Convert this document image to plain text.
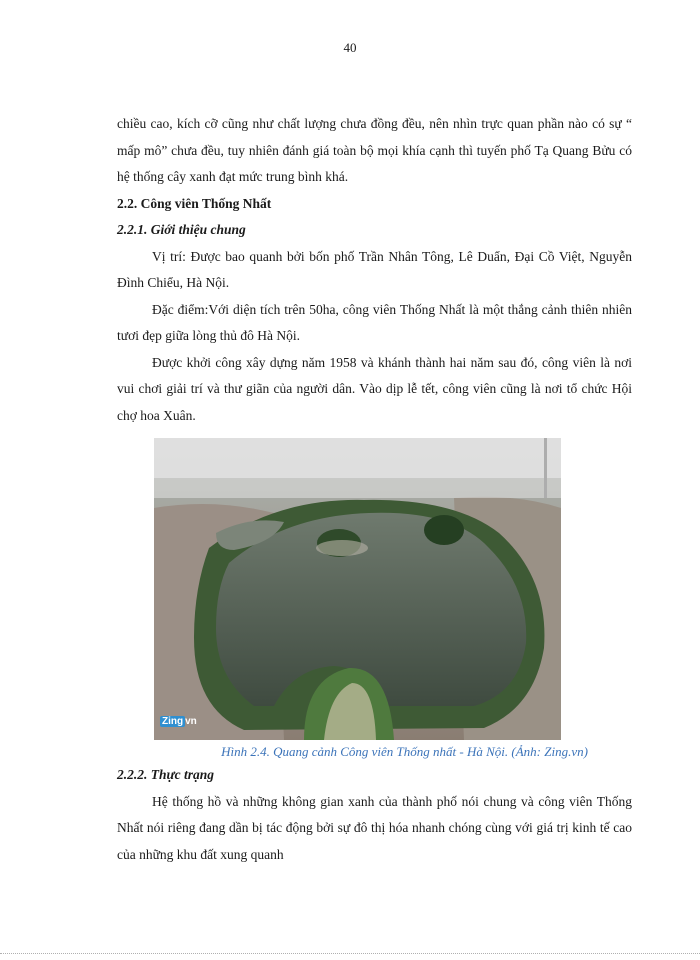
40

chiều cao, kích cỡ cũng như chất lượng chưa đồng đều, nên nhìn trực quan phần nào có sự “ mấp mô” chưa đều, tuy nhiên đánh giá toàn bộ mọi khía cạnh thì tuyến phố Tạ Quang Bửu có hệ thống cây xanh đạt mức trung bình khá.

2.2. Công viên Thống Nhất
2.2.1. Giới thiệu chung

Vị trí: Được bao quanh bởi bốn phố Trần Nhân Tông, Lê Duẩn, Đại Cồ Việt, Nguyễn Đình Chiểu, Hà Nội.

Đặc điểm:Với diện tích trên 50ha, công viên Thống Nhất là một thắng cảnh thiên nhiên tươi đẹp giữa lòng thủ đô Hà Nội.

Được khởi công xây dựng năm 1958 và khánh thành hai năm sau đó, công viên là nơi vui chơi giải trí và thư giãn của người dân. Vào dịp lễ tết, công viên cũng là nơi tổ chức Hội chợ hoa Xuân.

Zing vn
Hình 2.4. Quang cảnh Công viên Thống nhất - Hà Nội. (Ảnh: Zing.vn)
2.2.2. Thực trạng

Hệ thống hồ và những không gian xanh của thành phố nói chung và công viên Thống Nhất nói riêng đang dần bị tác động bởi sự đô thị hóa nhanh chóng cùng với giá trị kinh tế cao của những khu đất xung quanh
